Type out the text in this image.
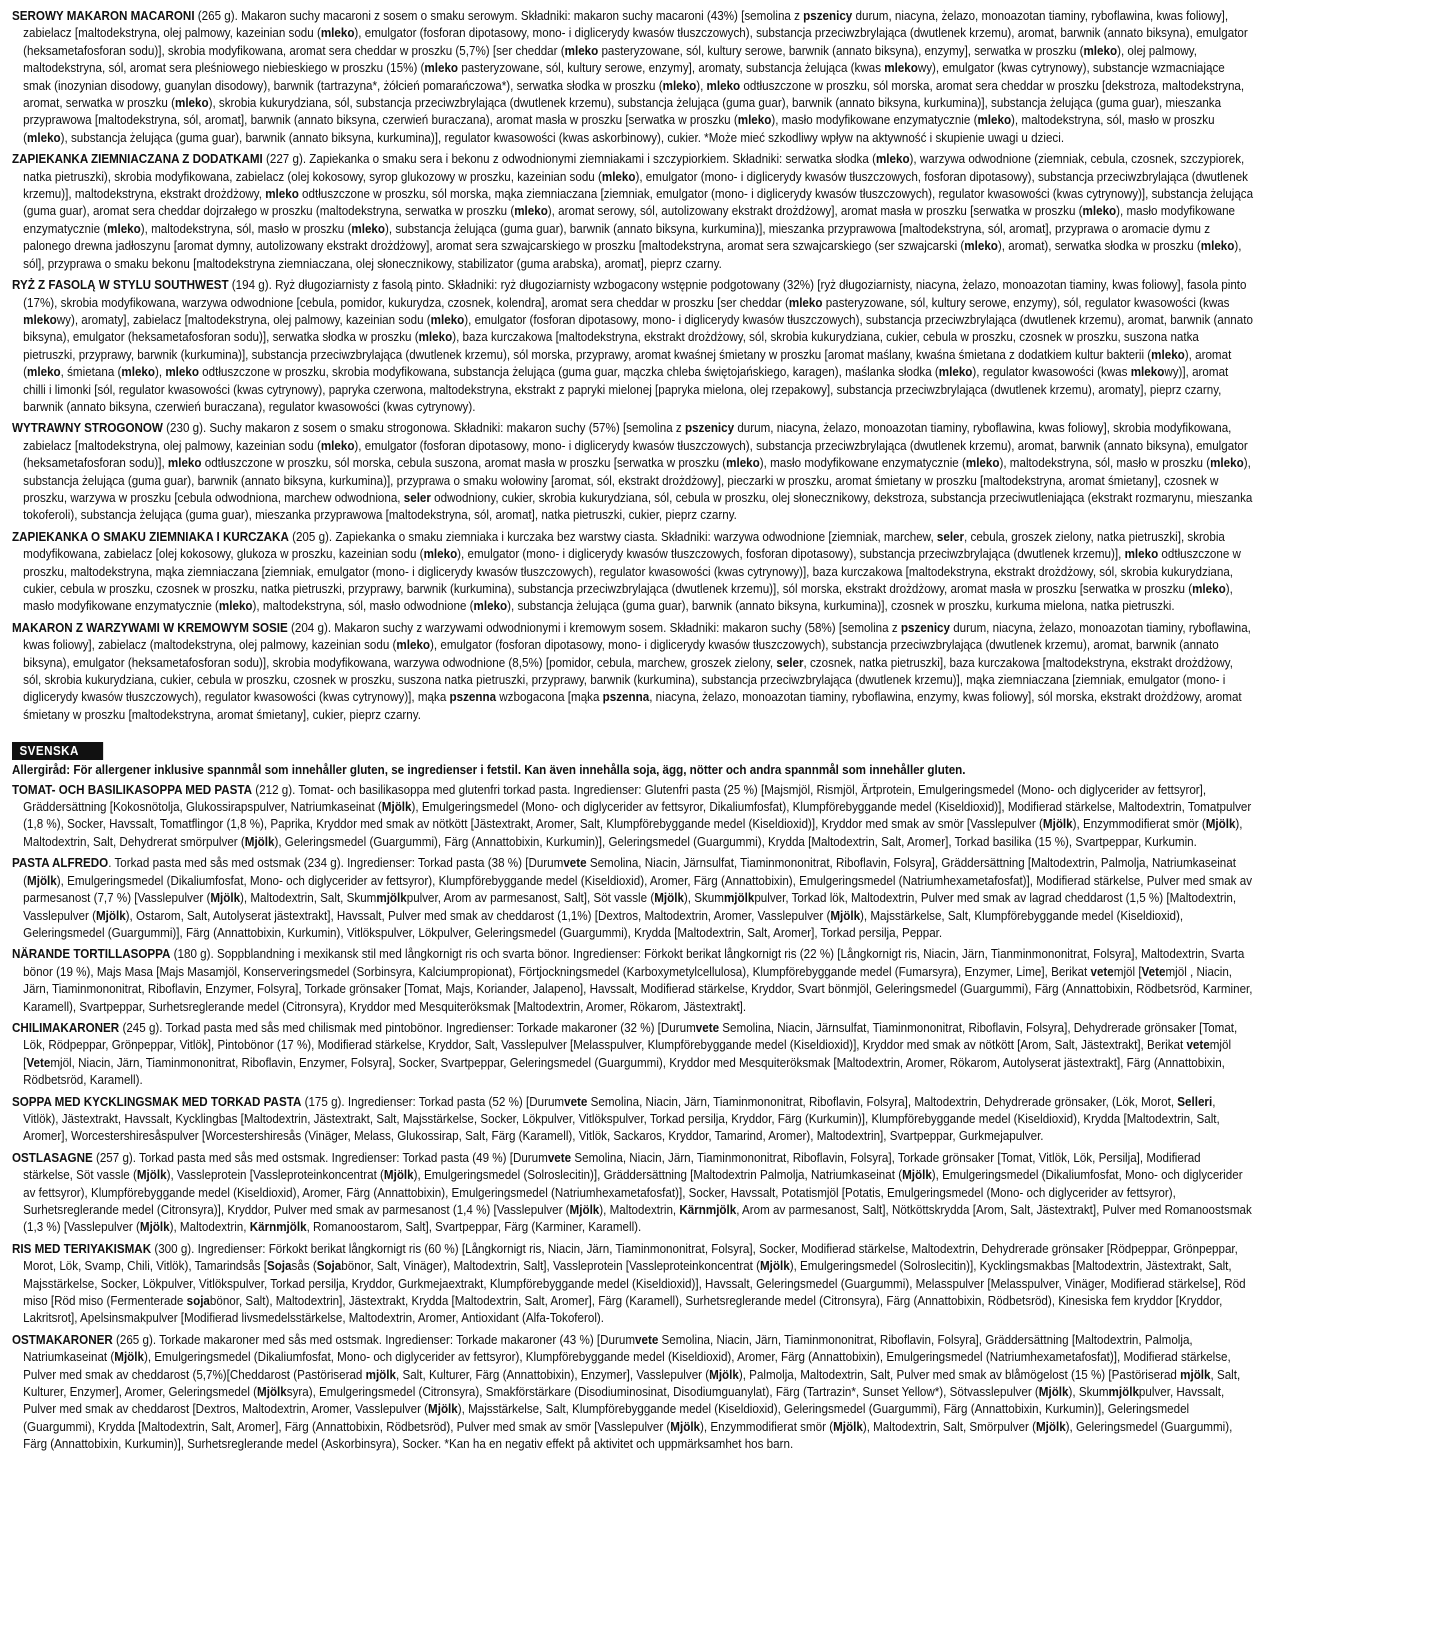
SEROWY MAKARON MACARONI (265 g). Makaron suchy macaroni z sosem o smaku serowym. Składniki: makaron suchy macaroni (43%) [semolina z pszenicy durum, niacyna, żelazo, monoazotan tiaminy, ryboflawina, kwas foliowy], zabielacz [maltodekstryna, olej palmowy, kazeinian sodu (mleko), emulgator (fosforan dipotasowy, mono- i diglicerydy kwasów tłuszczowych), substancja przeciwzbrylająca (dwutlenek krzemu), aromat, barwnik (annato biksyna), emulgator (heksametafosforan sodu)], skrobia modyfikowana, aromat sera cheddar w proszku (5,7%) [ser cheddar (mleko pasteryzowane, sól, kultury serowe, barwnik (annato biksyna), enzymy], serwatka w proszku (mleko), olej palmowy, maltodekstryna, sól, aromat sera pleśniowego niebieskiego w proszku (15%) (mleko pasteryzowane, sól, kultury serowe, enzymy], aromaty, substancja żelująca (kwas mlekowy), emulgator (kwas cytrynowy), substancje wzmacniające smak (inozynian disodowy, guanylan disodowy), barwnik (tartrazyna*, żółcień pomarańczowa*), serwatka słodka w proszku (mleko), mleko odtłuszczone w proszku, sól morska, aromat sera cheddar w proszku [dekstroza, maltodekstryna, aromat, serwatka w proszku (mleko), skrobia kukurydziana, sól, substancja przeciwzbrylająca (dwutlenek krzemu), substancja żelująca (guma guar), barwnik (annato biksyna, kurkumina)], substancja żelująca (guma guar), mieszanka przyprawowa [maltodekstryna, sól, aromat], barwnik (annato biksyna, czerwień buraczana), aromat masła w proszku [serwatka w proszku (mleko), masło modyfikowane enzymatycznie (mleko), maltodekstryna, sól, masło w proszku (mleko), substancja żelująca (guma guar), barwnik (annato biksyna, kurkumina)], regulator kwasowości (kwas askorbinowy), cukier. *Może mieć szkodliwy wpływ na aktywność i skupienie uwagi u dzieci.

ZAPIEKANKA ZIEMNIACZANA Z DODATKAMI (227 g). Zapiekanka o smaku sera i bekonu z odwodnionymi ziemniakami i szczypiorkiem. Składniki: serwatka słodka (mleko), warzywa odwodnione (ziemniak, cebula, czosnek, szczypiorek, natka pietruszki), skrobia modyfikowana, zabielacz (olej kokosowy, syrop glukozowy w proszku, kazeinian sodu (mleko), emulgator (mono- i diglicerydy kwasów tłuszczowych, fosforan dipotasowy), substancja przeciwzbrylająca (dwutlenek krzemu)], maltodekstryna, ekstrakt drożdżowy, mleko odtłuszczone w proszku, sól morska, mąka ziemniaczana [ziemniak, emulgator (mono- i diglicerydy kwasów tłuszczowych), regulator kwasowości (kwas cytrynowy)], substancja żelująca (guma guar), aromat sera cheddar dojrzałego w proszku (maltodekstryna, serwatka w proszku (mleko), aromat serowy, sól, autolizowany ekstrakt drożdżowy], aromat masła w proszku [serwatka w proszku (mleko), masło modyfikowane enzymatycznie (mleko), maltodekstryna, sól, masło w proszku (mleko), substancja żelująca (guma guar), barwnik (annato biksyna, kurkumina)], mieszanka przyprawowa [maltodekstryna, sól, aromat], przyprawa o aromacie dymu z palonego drewna jadłoszynu [aromat dymny, autolizowany ekstrakt drożdżowy], aromat sera szwajcarskiego w proszku [maltodekstryna, aromat sera szwajcarskiego (ser szwajcarski (mleko), aromat), serwatka słodka w proszku (mleko), sól], przyprawa o smaku bekonu [maltodekstryna ziemniaczana, olej słonecznikowy, stabilizator (guma arabska), aromat], pieprz czarny.

RYŻ Z FASOLĄ W STYLU SOUTHWEST (194 g). Ryż długoziarnisty z fasolą pinto. Składniki: ryż długoziarnisty wzbogacony wstępnie podgotowany (32%) [ryż długoziarnisty, niacyna, żelazo, monoazotan tiaminy, kwas foliowy], fasola pinto (17%), skrobia modyfikowana, warzywa odwodnione [cebula, pomidor, kukurydza, czosnek, kolendra], aromat sera cheddar w proszku [ser cheddar (mleko pasteryzowane, sól, kultury serowe, enzymy), sól, regulator kwasowości (kwas mlekowy), aromaty], zabielacz [maltodekstryna, olej palmowy, kazeinian sodu (mleko), emulgator (fosforan dipotasowy, mono- i diglicerydy kwasów tłuszczowych), substancja przeciwzbrylająca (dwutlenek krzemu), aromat, barwnik (annato biksyna), emulgator (heksametafosforan sodu)], serwatka słodka w proszku (mleko), baza kurczakowa [maltodekstryna, ekstrakt drożdżowy, sól, skrobia kukurydziana, cukier, cebula w proszku, czosnek w proszku, suszona natka pietruszki, przyprawy, barwnik (kurkumina)], substancja przeciwzbrylająca (dwutlenek krzemu), sól morska, przyprawy, aromat kwaśnej śmietany w proszku [aromat maślany, kwaśna śmietana z dodatkiem kultur bakterii (mleko), aromat (mleko, śmietana (mleko), mleko odtłuszczone w proszku, skrobia modyfikowana, substancja żelująca (guma guar, mączka chleba świętojańskiego, karagen), maślanka słodka (mleko), regulator kwasowości (kwas mlekowy)], aromat chilli i limonki [sól, regulator kwasowości (kwas cytrynowy), papryka czerwona, maltodekstryna, ekstrakt z papryki mielonej [papryka mielona, olej rzepakowy], substancja przeciwzbrylająca (dwutlenek krzemu), aromaty], pieprz czarny, barwnik (annato biksyna, czerwień buraczana), regulator kwasowości (kwas cytrynowy).

WYTRAWNY STROGONOW (230 g). Suchy makaron z sosem o smaku strogonowa. Składniki: makaron suchy (57%) [semolina z pszenicy durum, niacyna, żelazo, monoazotan tiaminy, ryboflawina, kwas foliowy], skrobia modyfikowana, zabielacz [maltodekstryna, olej palmowy, kazeinian sodu (mleko), emulgator (fosforan dipotasowy, mono- i diglicerydy kwasów tłuszczowych), substancja przeciwzbrylająca (dwutlenek krzemu), aromat, barwnik (annato biksyna), emulgator (heksametafosforan sodu)], mleko odtłuszczone w proszku, sól morska, cebula suszona, aromat masła w proszku [serwatka w proszku (mleko), masło modyfikowane enzymatycznie (mleko), maltodekstryna, sól, masło w proszku (mleko), substancja żelująca (guma guar), barwnik (annato biksyna, kurkumina)], przyprawa o smaku wołowiny [aromat, sól, ekstrakt drożdżowy], pieczarki w proszku, aromat śmietany w proszku [maltodekstryna, aromat śmietany], czosnek w proszku, warzywa w proszku [cebula odwodniona, marchew odwodniona, seler odwodniony, cukier, skrobia kukurydziana, sól, cebula w proszku, olej słonecznikowy, dekstroza, substancja przeciwutleniająca (ekstrakt rozmarynu, mieszanka tokoferoli), substancja żelująca (guma guar), mieszanka przyprawowa [maltodekstryna, sól, aromat], natka pietruszki, cukier, pieprz czarny.

ZAPIEKANKA O SMAKU ZIEMNIAKA I KURCZAKA (205 g). Zapiekanka o smaku ziemniaka i kurczaka bez warstwy ciasta. Składniki: warzywa odwodnione [ziemniak, marchew, seler, cebula, groszek zielony, natka pietruszki], skrobia modyfikowana, zabielacz [olej kokosowy, glukoza w proszku, kazeinian sodu (mleko), emulgator (mono- i diglicerydy kwasów tłuszczowych, fosforan dipotasowy), substancja przeciwzbrylająca (dwutlenek krzemu)], mleko odtłuszczone w proszku, maltodekstryna, mąka ziemniaczana [ziemniak, emulgator (mono- i diglicerydy kwasów tłuszczowych), regulator kwasowości (kwas cytrynowy)], baza kurczakowa [maltodekstryna, ekstrakt drożdżowy, sól, skrobia kukurydziana, cukier, cebula w proszku, czosnek w proszku, natka pietruszki, przyprawy, barwnik (kurkumina), substancja przeciwzbrylająca (dwutlenek krzemu)], sól morska, ekstrakt drożdżowy, aromat masła w proszku [serwatka w proszku (mleko), masło modyfikowane enzymatycznie (mleko), maltodekstryna, sól, masło odwodnione (mleko), substancja żelująca (guma guar), barwnik (annato biksyna, kurkumina)], czosnek w proszku, kurkuma mielona, natka pietruszki.

MAKARON Z WARZYWAMI W KREMOWYM SOSIE (204 g). Makaron suchy z warzywami odwodnionymi i kremowym sosem. Składniki: makaron suchy (58%) [semolina z pszenicy durum, niacyna, żelazo, monoazotan tiaminy, ryboflawina, kwas foliowy], zabielacz (maltodekstryna, olej palmowy, kazeinian sodu (mleko), emulgator (fosforan dipotasowy, mono- i diglicerydy kwasów tłuszczowych), substancja przeciwzbrylająca (dwutlenek krzemu), aromat, barwnik (annato biksyna), emulgator (heksametafosforan sodu)], skrobia modyfikowana, warzywa odwodnione (8,5%) [pomidor, cebula, marchew, groszek zielony, seler, czosnek, natka pietruszki], baza kurczakowa [maltodekstryna, ekstrakt drożdżowy, sól, skrobia kukurydziana, cukier, cebula w proszku, czosnek w proszku, suszona natka pietruszki, przyprawy, barwnik (kurkumina), substancja przeciwzbrylająca (dwutlenek krzemu)], mąka ziemniaczana [ziemniak, emulgator (mono- i diglicerydy kwasów tłuszczowych), regulator kwasowości (kwas cytrynowy)], mąka pszenna wzbogacona [mąka pszenna, niacyna, żelazo, monoazotan tiaminy, ryboflawina, enzymy, kwas foliowy], sól morska, ekstrakt drożdżowy, aromat śmietany w proszku [maltodekstryna, aromat śmietany], cukier, pieprz czarny.

SVENSKA
Allergiråd: För allergener inklusive spannmål som innehåller gluten, se ingredienser i fetstil. Kan även innehålla soja, ägg, nötter och andra spannmål som innehåller gluten.

TOMAT- OCH BASILIKASOPPA MED PASTA (212 g). Tomat- och basilikasoppa med glutenfri torkad pasta. Ingredienser: Glutenfri pasta (25 %) [Majsmjöl, Rismjöl, Ärtprotein, Emulgeringsmedel (Mono- och diglycerider av fettsyror], Gräddersättning [Kokosnötolja, Glukossirapspulver, Natriumkaseinat (Mjölk), Emulgeringsmedel (Mono- och diglycerider av fettsyror, Dikaliumfosfat), Klumpförebyggande medel (Kiseldioxid)], Modifierad stärkelse, Maltodextrin, Tomatpulver (1,8 %), Socker, Havssalt, Tomatflingor (1,8 %), Paprika, Kryddor med smak av nötkött [Jästextrakt, Aromer, Salt, Klumpförebyggande medel (Kiseldioxid)], Kryddor med smak av smör [Vasslepulver (Mjölk), Enzymmodifierat smör (Mjölk), Maltodextrin, Salt, Dehydrerat smörpulver (Mjölk), Geleringsmedel (Guargummi), Färg (Annattobixin, Kurkumin)], Geleringsmedel (Guargummi), Krydda [Maltodextrin, Salt, Aromer], Torkad basilika (15 %), Svartpeppar, Kurkumin.

PASTA ALFREDO. Torkad pasta med sås med ostsmak (234 g). Ingredienser: Torkad pasta (38 %) [Durumvete Semolina, Niacin, Järnsulfat, Tiaminmononitrat, Riboflavin, Folsyra], Gräddersättning [Maltodextrin, Palmolja, Natriumkaseinat (Mjölk), Emulgeringsmedel (Dikaliumfosfat, Mono- och diglycerider av fettsyror), Klumpförebyggande medel (Kiseldioxid), Aromer, Färg (Annattobixin), Emulgeringsmedel (Natriumhexametafosfat)], Modifierad stärkelse, Pulver med smak av parmesanost (7,7 %) [Vasslepulver (Mjölk), Maltodextrin, Salt, Skummjölkpulver, Arom av parmesanost, Salt], Söt vassle (Mjölk), Skummjölkpulver, Torkad lök, Maltodextrin, Pulver med smak av lagrad cheddarost (1,5 %) [Maltodextrin, Vasslepulver (Mjölk), Ostarom, Salt, Autolyserat jästextrakt], Havssalt, Pulver med smak av cheddarost (1,1%) [Dextros, Maltodextrin, Aromer, Vasslepulver (Mjölk), Majsstärkelse, Salt, Klumpförebyggande medel (Kiseldioxid), Geleringsmedel (Guargummi)], Färg (Annattobixin, Kurkumin), Vitlökspulver, Lökpulver, Geleringsmedel (Guargummi), Krydda [Maltodextrin, Salt, Aromer], Torkad persilja, Peppar.

NÄRANDE TORTILLASOPPA (180 g). Soppblandning i mexikansk stil med långkornigt ris och svarta bönor. Ingredienser: Förkokt berikat långkornigt ris (22 %) [Långkornigt ris, Niacin, Järn, Tianminmononitrat, Folsyra], Maltodextrin, Svarta bönor (19 %), Majs Masa [Majs Masamjöl, Konserveringsmedel (Sorbinsyra, Kalciumpropionat), Förtjockningsmedel (Karboxymetylcellulosa), Klumpförebyggande medel (Fumarsyra), Enzymer, Lime], Berikat vetemjöl [Vetemjöl , Niacin, Järn, Tiaminmononitrat, Riboflavin, Enzymer, Folsyra], Torkade grönsaker [Tomat, Majs, Koriander, Jalapeno], Havssalt, Modifierad stärkelse, Kryddor, Svart bönmjöl, Geleringsmedel (Guargummi), Färg (Annattobixin, Rödbetsröd, Karminer, Karamell), Svartpeppar, Surhetsreglerande medel (Citronsyra), Kryddor med Mesquiteröksmak [Maltodextrin, Aromer, Rökarom, Jästextrakt].

CHILIMAKARONER (245 g). Torkad pasta med sås med chilismak med pintobönor. Ingredienser: Torkade makaroner (32 %) [Durumvete Semolina, Niacin, Järnsulfat, Tiaminmononitrat, Riboflavin, Folsyra], Dehydrerade grönsaker [Tomat, Lök, Rödpeppar, Grönpeppar, Vitlök], Pintobönor (17 %), Modifierad stärkelse, Kryddor, Salt, Vasslepulver [Melasspulver, Klumpförebyggande medel (Kiseldioxid)], Kryddor med smak av nötkött [Arom, Salt, Jästextrakt], Berikat vetemjöl [Vetemjöl, Niacin, Järn, Tiaminmononitrat, Riboflavin, Enzymer, Folsyra], Socker, Svartpeppar, Geleringsmedel (Guargummi), Kryddor med Mesquiteröksmak [Maltodextrin, Aromer, Rökarom, Autolyserat jästextrakt], Färg (Annattobixin, Rödbetsröd, Karamell).

SOPPA MED KYCKLINGSMAK MED TORKAD PASTA (175 g). Ingredienser: Torkad pasta (52 %) [Durumvete Semolina, Niacin, Järn, Tiaminmononitrat, Riboflavin, Folsyra], Maltodextrin, Dehydrerade grönsaker, (Lök, Morot, Selleri, Vitlök), Jästextrakt, Havssalt, Kycklingbas [Maltodextrin, Jästextrakt, Salt, Majsstärkelse, Socker, Lökpulver, Vitlökspulver, Torkad persilja, Kryddor, Färg (Kurkumin)], Klumpförebyggande medel (Kiseldioxid), Krydda [Maltodextrin, Salt, Aromer], Worcestershiresåspulver [Worcestershiresås (Vinäger, Melass, Glukossirap, Salt, Färg (Karamell), Vitlök, Sackaros, Kryddor, Tamarind, Aromer), Maltodextrin], Svartpeppar, Gurkmejapulver.

OSTLASAGNE (257 g). Torkad pasta med sås med ostsmak. Ingredienser: Torkad pasta (49 %) [Durumvete Semolina, Niacin, Järn, Tiaminmononitrat, Riboflavin, Folsyra], Torkade grönsaker [Tomat, Vitlök, Lök, Persilja], Modifierad stärkelse, Söt vassle (Mjölk), Vassleprotein [Vassleproteinkoncentrat (Mjölk), Emulgeringsmedel (Solroslecitin)], Gräddersättning [Maltodextrin Palmolja, Natriumkaseinat (Mjölk), Emulgeringsmedel (Dikaliumfosfat, Mono- och diglycerider av fettsyror), Klumpförebyggande medel (Kiseldioxid), Aromer, Färg (Annattobixin), Emulgeringsmedel (Natriumhexametafosfat)], Socker, Havssalt, Potatismjöl [Potatis, Emulgeringsmedel (Mono- och diglycerider av fettsyror), Surhetsreglerande medel (Citronsyra)], Kryddor, Pulver med smak av parmesanost (1,4 %) [Vasslepulver (Mjölk), Maltodextrin, Kärnmjölk, Arom av parmesanost, Salt], Nötköttskrydda [Arom, Salt, Jästextrakt], Pulver med Romanoostsmak (1,3 %) [Vasslepulver (Mjölk), Maltodextrin, Kärnmjölk, Romanoostarom, Salt], Svartpeppar, Färg (Karminer, Karamell).

RIS MED TERIYAKISMAK (300 g). Ingredienser: Förkokt berikat långkornigt ris (60 %) [Långkornigt ris, Niacin, Järn, Tiaminmononitrat, Folsyra], Socker, Modifierad stärkelse, Maltodextrin, Dehydrerade grönsaker [Rödpeppar, Grönpeppar, Morot, Lök, Svamp, Chili, Vitlök), Tamarindsås [Sojasås (Sojabönor, Salt, Vinäger), Maltodextrin, Salt], Vassleprotein [Vassleproteinkoncentrat (Mjölk), Emulgeringsmedel (Solroslecitin)], Kycklingsmakbas [Maltodextrin, Jästextrakt, Salt, Majsstärkelse, Socker, Lökpulver, Vitlökspulver, Torkad persilja, Kryddor, Gurkmejaextrakt, Klumpförebyggande medel (Kiseldioxid)], Havssalt, Geleringsmedel (Guargummi), Melasspulver [Melasspulver, Vinäger, Modifierad stärkelse], Röd miso [Röd miso (Fermenterade sojabönor, Salt), Maltodextrin], Jästextrakt, Krydda [Maltodextrin, Salt, Aromer], Färg (Karamell), Surhetsreglerande medel (Citronsyra), Färg (Annattobixin, Rödbetsröd), Kinesiska fem kryddor [Kryddor, Lakritsrot], Apelsinsmakpulver [Modifierad livsmedelsstärkelse, Maltodextrin, Aromer, Antioxidant (Alfa-Tokoferol).

OSTMAKARONER (265 g). Torkade makaroner med sås med ostsmak. Ingredienser: Torkade makaroner (43 %) [Durumvete Semolina, Niacin, Järn, Tiaminmononitrat, Riboflavin, Folsyra], Gräddersättning [Maltodextrin, Palmolja, Natriumkaseinat (Mjölk), Emulgeringsmedel (Dikaliumfosfat, Mono- och diglycerider av fettsyror), Klumpförebyggande medel (Kiseldioxid), Aromer, Färg (Annattobixin), Emulgeringsmedel (Natriumhexametafosfat)], Modifierad stärkelse, Pulver med smak av cheddarost (5,7%)[Cheddarost (Pastöriserad mjölk, Salt, Kulturer, Färg (Annattobixin), Enzymer], Vasslepulver (Mjölk), Palmolja, Maltodextrin, Salt, Pulver med smak av blåmögelost (15 %) [Pastöriserad mjölk, Salt, Kulturer, Enzymer], Aromer, Geleringsmedel (Mjölksyra), Emulgeringsmedel (Citronsyra), Smakförstärkare (Disodiuminosinat, Disodiumguanylat), Färg (Tartrazin*, Sunset Yellow*), Sötvasslepulver (Mjölk), Skummjölkpulver, Havssalt, Pulver med smak av cheddarost [Dextros, Maltodextrin, Aromer, Vasslepulver (Mjölk), Majsstärkelse, Salt, Klumpförebyggande medel (Kiseldioxid), Geleringsmedel (Guargummi), Färg (Annattobixin, Kurkumin)], Geleringsmedel (Guargummi), Krydda [Maltodextrin, Salt, Aromer], Färg (Annattobixin, Rödbetsröd), Pulver med smak av smör [Vasslepulver (Mjölk), Enzymmodifierat smör (Mjölk), Maltodextrin, Salt, Smörpulver (Mjölk), Geleringsmedel (Guargummi), Färg (Annattobixin, Kurkumin)], Surhetsreglerande medel (Askorbinsyra), Socker. *Kan ha en negativ effekt på aktivitet och uppmärksamhet hos barn.
